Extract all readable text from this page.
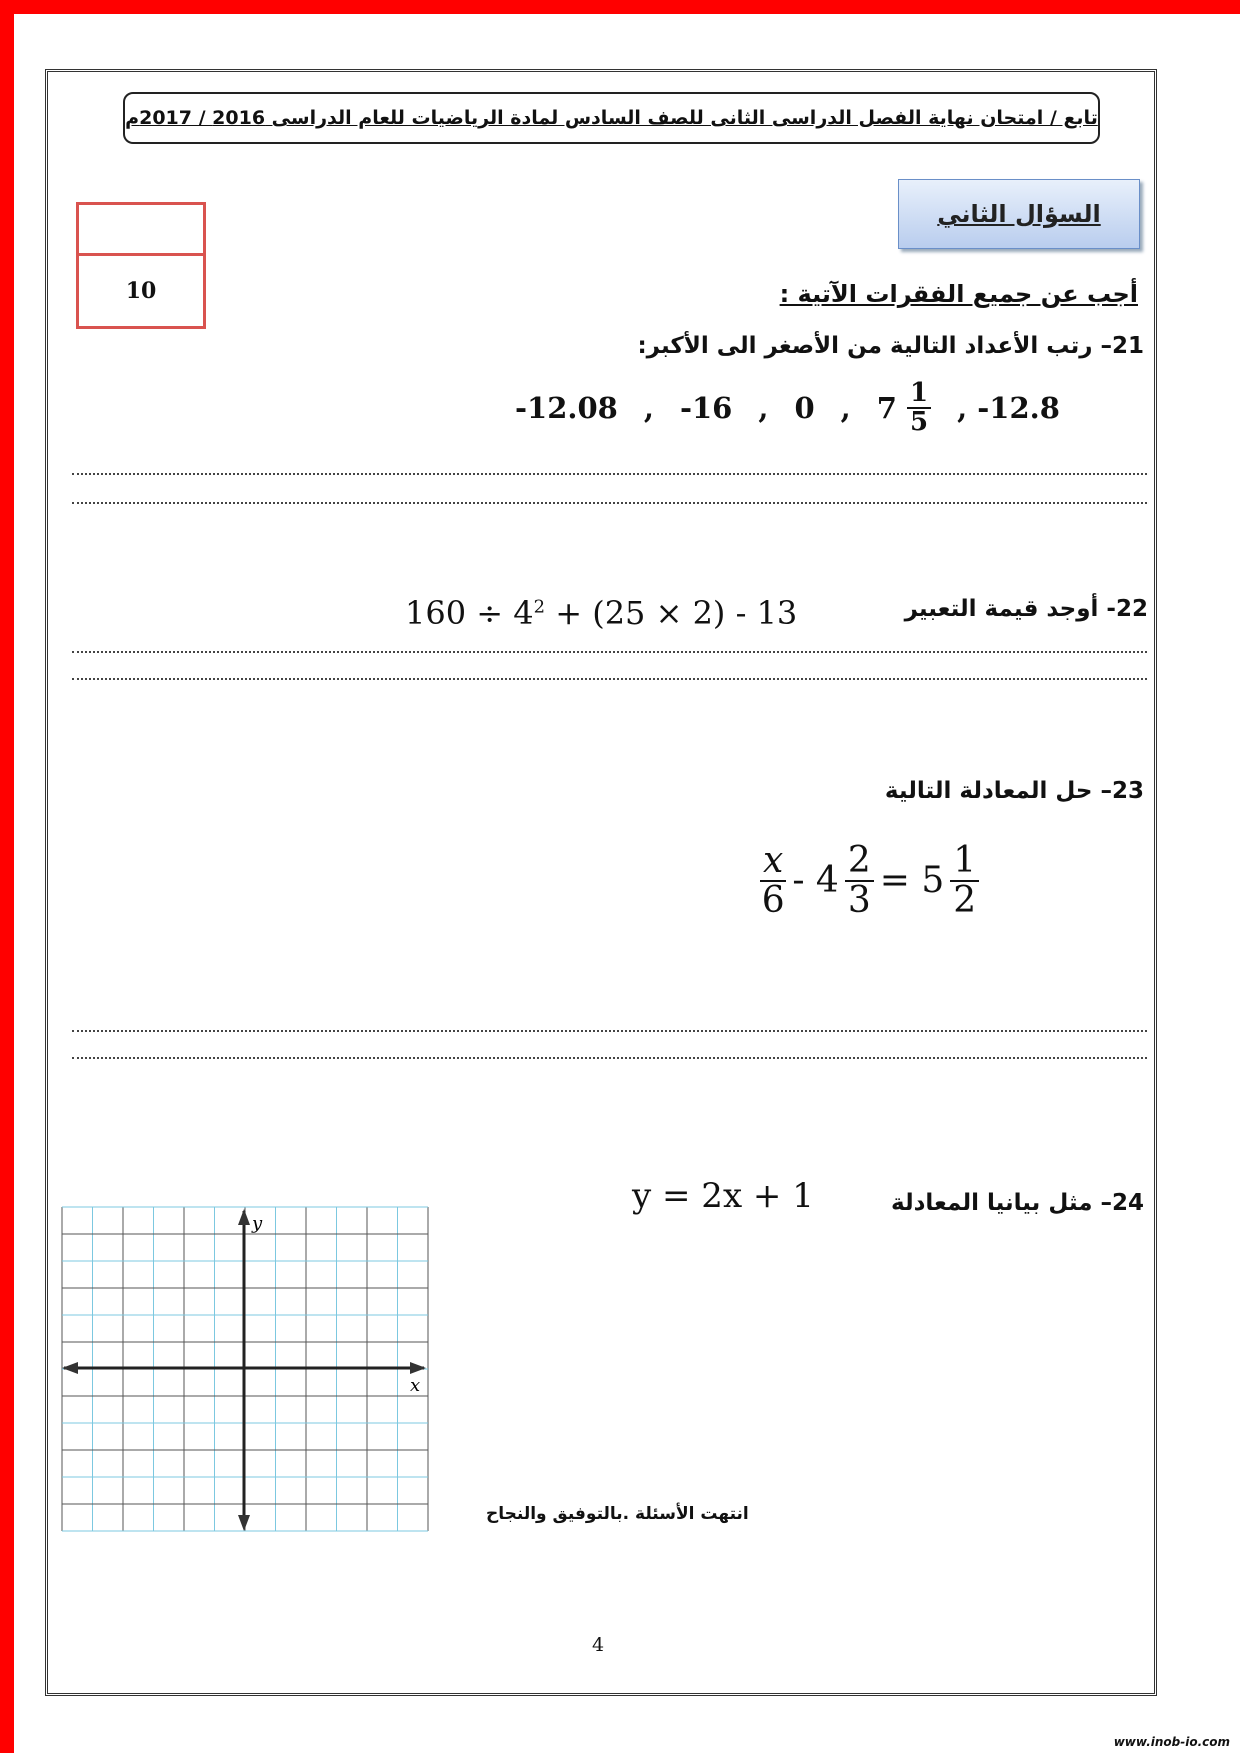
تابع / امتحان نهاية الفصل الدراسى الثانى للصف السادس لمادة الرياضيات للعام الدراسى 2016 / 2017م
السؤال الثاني
10	أجب عن جميع الفقرات الآتية :
21– رتب الأعداد التالية من الأصغر الى الأكبر:
-12.08 , -16 , 0 , $7 \frac{1}{5}$ , -12.8
22- أوجد قيمة التعبير
$160 \div 4^2 + (25 \times 2) - 13$
23– حل المعادلة التالية
$\frac{x}{6} - 4 \frac{2}{3} = 5 \frac{1}{2}$
24– مثل بيانيا المعادلة
y = 2x + 1
y
x
انتهت الأسئلة .بالتوفيق والنجاح
4
www.inob-io.com
